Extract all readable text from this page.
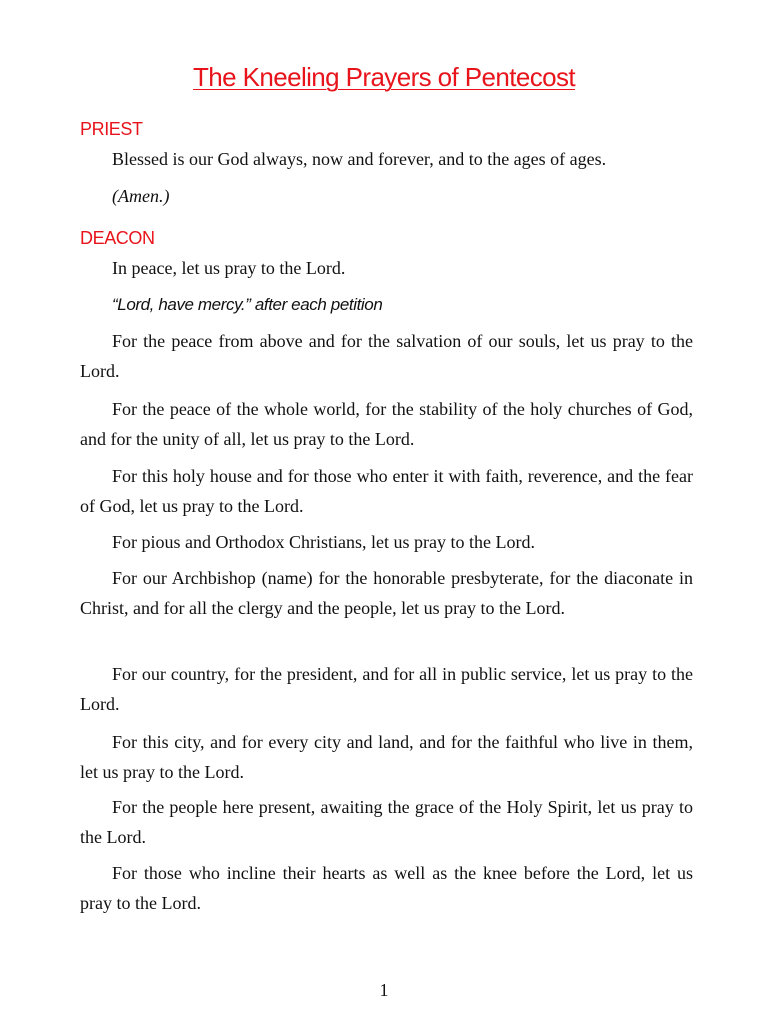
The Kneeling Prayers of Pentecost
PRIEST

Blessed is our God always, now and forever, and to the ages of ages.

(Amen.)
DEACON

In peace, let us pray to the Lord.

“Lord, have mercy.” after each petition

For the peace from above and for the salvation of our souls, let us pray to the Lord.

For the peace of the whole world, for the stability of the holy churches of God, and for the unity of all, let us pray to the Lord.

For this holy house and for those who enter it with faith, reverence, and the fear of God, let us pray to the Lord.

For pious and Orthodox Christians, let us pray to the Lord.

For our Archbishop (name) for the honorable presbyterate, for the diaconate in Christ, and for all the clergy and the people, let us pray to the Lord.

For our country, for the president, and for all in public service, let us pray to the Lord.

For this city, and for every city and land, and for the faithful who live in them, let us pray to the Lord.

For the people here present, awaiting the grace of the Holy Spirit, let us pray to the Lord.

For those who incline their hearts as well as the knee before the Lord, let us pray to the Lord.

1
